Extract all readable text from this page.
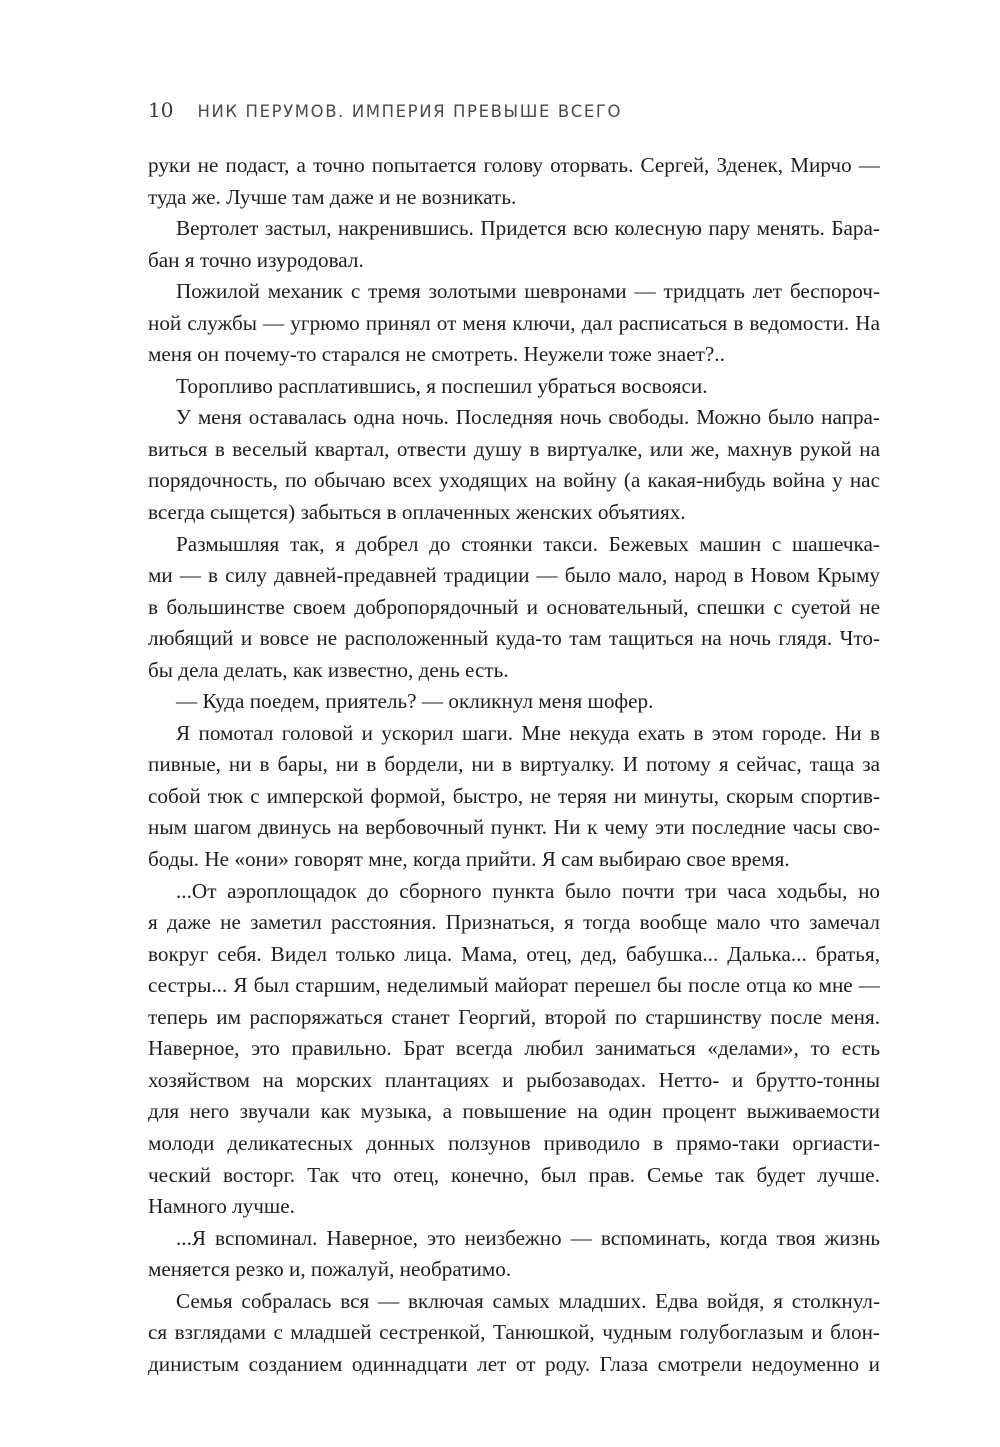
10 НИК ПЕРУМОВ. ИМПЕРИЯ ПРЕВЫШЕ ВСЕГО
руки не подаст, а точно попытается голову оторвать. Сергей, Зденек, Мирчо —
туда же. Лучше там даже и не возникать.
Вертолет застыл, накренившись. Придется всю колесную пару менять. Бара-
бан я точно изуродовал.
Пожилой механик с тремя золотыми шевронами — тридцать лет беспороч-
ной службы — угрюмо принял от меня ключи, дал расписаться в ведомости. На
меня он почему-то старался не смотреть. Неужели тоже знает?..
Торопливо расплатившись, я поспешил убраться восвояси.
У меня оставалась одна ночь. Последняя ночь свободы. Можно было напра-
виться в веселый квартал, отвести душу в виртуалке, или же, махнув рукой на
порядочность, по обычаю всех уходящих на войну (а какая-нибудь война у нас
всегда сыщется) забыться в оплаченных женских объятиях.
Размышляя так, я добрел до стоянки такси. Бежевых машин с шашечка-
ми — в силу давней-предавней традиции — было мало, народ в Новом Крыму
в большинстве своем добропорядочный и основательный, спешки с суетой не
любящий и вовсе не расположенный куда-то там тащиться на ночь глядя. Что-
бы дела делать, как известно, день есть.
— Куда поедем, приятель? — окликнул меня шофер.
Я помотал головой и ускорил шаги. Мне некуда ехать в этом городе. Ни в
пивные, ни в бары, ни в бордели, ни в виртуалку. И потому я сейчас, таща за
собой тюк с имперской формой, быстро, не теряя ни минуты, скорым спортив-
ным шагом двинусь на вербовочный пункт. Ни к чему эти последние часы сво-
боды. Не «они» говорят мне, когда прийти. Я сам выбираю свое время.
...От аэроплощадок до сборного пункта было почти три часа ходьбы, но
я даже не заметил расстояния. Признаться, я тогда вообще мало что замечал
вокруг себя. Видел только лица. Мама, отец, дед, бабушка... Далька... братья,
сестры... Я был старшим, неделимый майорат перешел бы после отца ко мне —
теперь им распоряжаться станет Георгий, второй по старшинству после меня.
Наверное, это правильно. Брат всегда любил заниматься «делами», то есть
хозяйством на морских плантациях и рыбозаводах. Нетто- и брутто-тонны
для него звучали как музыка, а повышение на один процент выживаемости
молоди деликатесных донных ползунов приводило в прямо-таки оргиасти-
ческий восторг. Так что отец, конечно, был прав. Семье так будет лучше.
Намного лучше.
...Я вспоминал. Наверное, это неизбежно — вспоминать, когда твоя жизнь
меняется резко и, пожалуй, необратимо.
Семья собралась вся — включая самых младших. Едва войдя, я столкнул-
ся взглядами с младшей сестренкой, Танюшкой, чудным голубоглазым и блон-
динистым созданием одиннадцати лет от роду. Глаза смотрели недоуменно и
